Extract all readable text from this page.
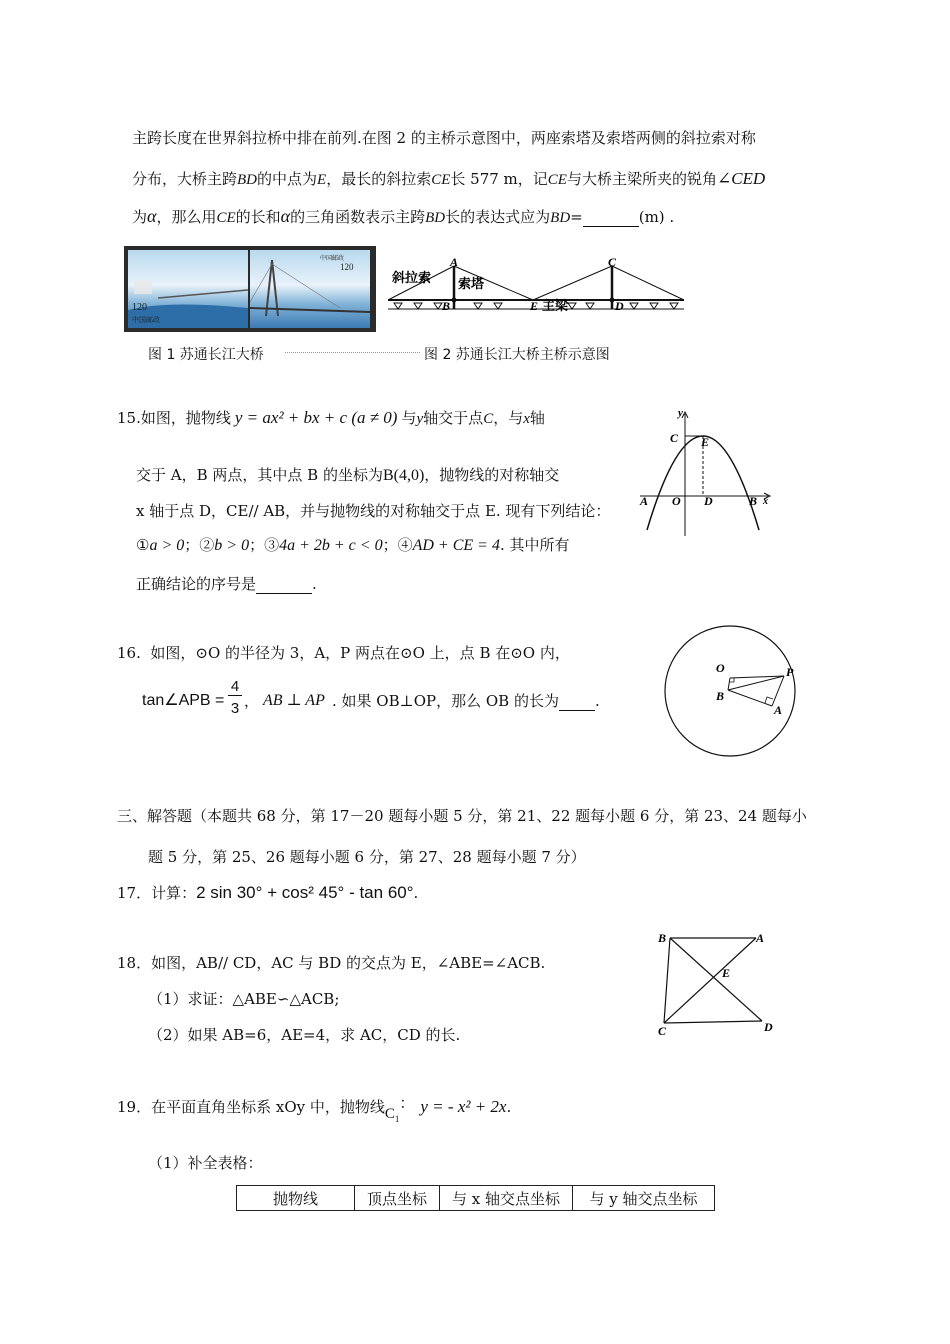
主跨长度在世界斜拉桥中排在前列.在图 2 的主桥示意图中，两座索塔及索塔两侧的斜拉索对称
分布，大桥主跨BD的中点为E，最长的斜拉索CE长 577 m，记CE与大桥主梁所夹的锐角∠CED
为α，那么用CE的长和α的三角函数表示主跨BD长的表达式应为BD=	(m) .
120
中国邮政
120
中国邮政	A	C
B	E	D
斜拉索 索塔
主梁
图 1 苏通长江大桥	图 2 苏通长江大桥主桥示意图
15.如图，抛物线 y = ax² + bx + c (a ≠ 0) 与y轴交于点C，与x轴
交于 A，B 两点，其中点 B 的坐标为B(4,0)，抛物线的对称轴交
x 轴于点 D，CE// AB，并与抛物线的对称轴交于点 E. 现有下列结论：
①a > 0；②b > 0；③4a + 2b + c < 0；④AD + CE = 4. 其中所有
正确结论的序号是	.
y
C E
A O D	B x
16. 如图，⊙O 的半径为 3，A，P 两点在⊙O 上，点 B 在⊙O 内，
tan∠APB =
4
3 ， AB ⊥ AP . 如果 OB⊥OP，那么 OB 的长为 .
O	P
B
A
三、解答题（本题共 68 分，第 17－20 题每小题 5 分，第 21、22 题每小题 6 分，第 23、24 题每小
题 5 分，第 25、26 题每小题 6 分，第 27、28 题每小题 7 分）
17．计算：2 sin 30° + cos² 45° - tan 60°.
18．如图，AB// CD，AC 与 BD 的交点为 E，∠ABE=∠ACB.
（1）求证：△ABE∽△ACB;
（2）如果 AB=6，AE=4，求 AC，CD 的长.
B	A
E
C	D
19．在平面直角坐标系 xOy 中，抛物线$C_1$： y = - x² + 2x.
（1）补全表格：
抛物线	顶点坐标	与 x 轴交点坐标	与 y 轴交点坐标
